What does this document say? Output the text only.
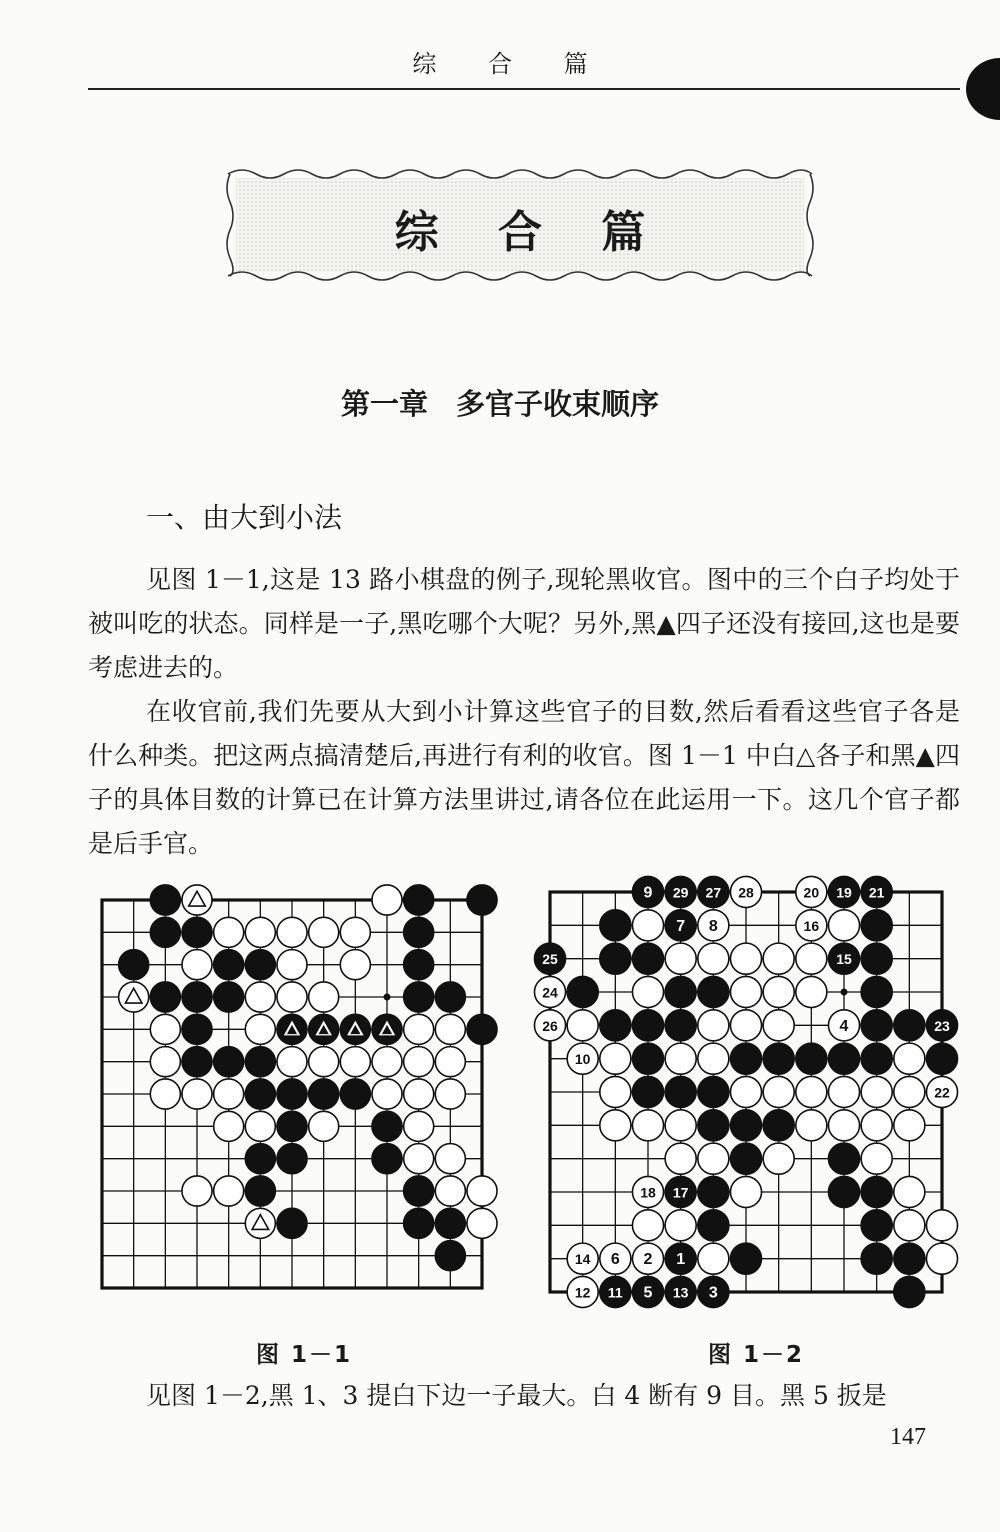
综 合 篇
综 合 篇
第一章 多官子收束顺序
一、由大到小法

见图 1－1,这是 13 路小棋盘的例子,现轮黑收官。图中的三个白子均处于被叫吃的状态。同样是一子,黑吃哪个大呢？另外,黑▲四子还没有接回,这也是要考虑进去的。

在收官前,我们先要从大到小计算这些官子的目数,然后看看这些官子各是什么种类。把这两点搞清楚后,再进行有利的收官。图 1－1 中白△各子和黑▲四子的具体目数的计算已在计算方法里讲过,请各位在此运用一下。这几个官子都是后手官。

9 29 27 28	20 19 21
7 8	16
25	15
24
26	4	23
10
22
18 17
14 6 2 1
12 11 5 13 3
图 1－1	图 1－2

见图 1－2,黑 1、3 提白下边一子最大。白 4 断有 9 目。黑 5 扳是

147
